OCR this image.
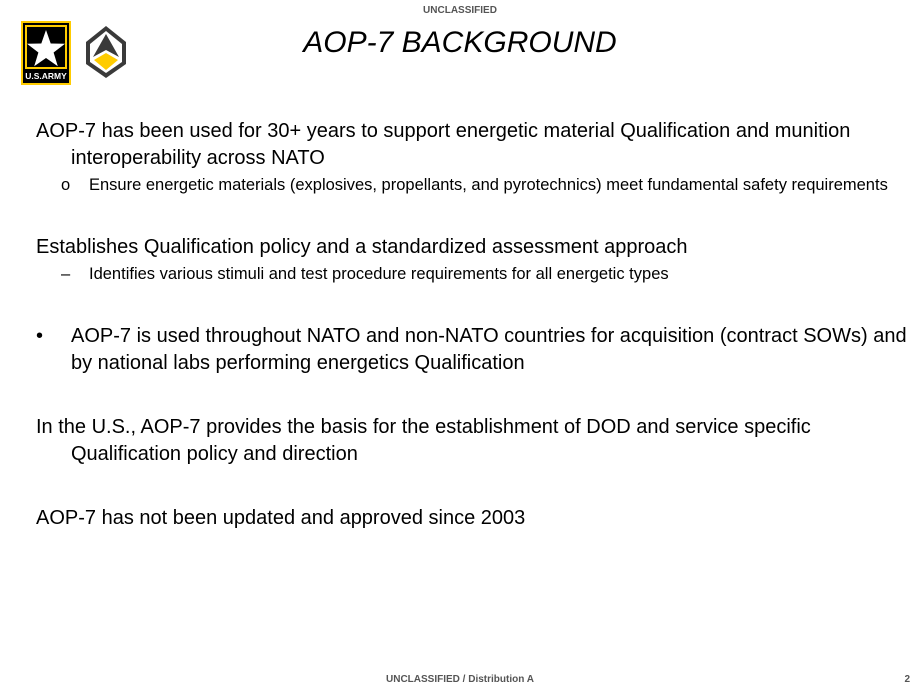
UNCLASSIFIED
U.S.ARMY
AOP-7 BACKGROUND
AOP-7 has been used for 30+ years to support energetic material Qualification and munition interoperability across NATO
o Ensure energetic materials (explosives, propellants, and pyrotechnics) meet fundamental safety requirements
Establishes Qualification policy and a standardized assessment approach
– Identifies various stimuli and test procedure requirements for all energetic types
•	AOP-7 is used throughout NATO and non-NATO countries for acquisition (contract SOWs) and by national labs performing energetics Qualification
In the U.S., AOP-7 provides the basis for the establishment of DOD and service specific Qualification policy and direction
AOP-7 has not been updated and approved since 2003
UNCLASSIFIED / Distribution A	2
